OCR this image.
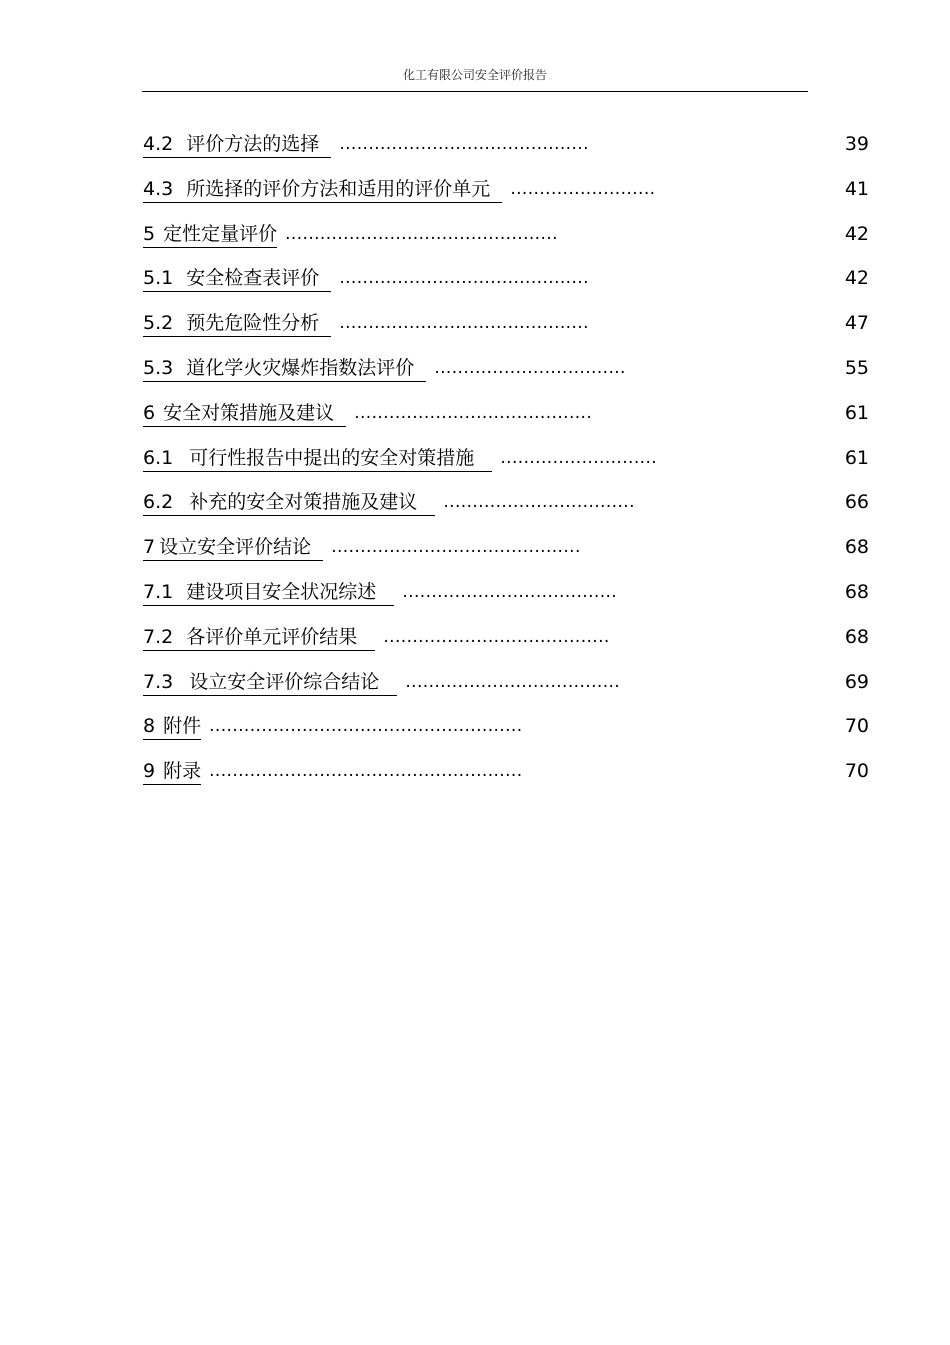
化工有限公司安全评价报告
4.2 评价方法的选择 ...........................................	39
4.3 所选择的评价方法和适用的评价单元 .........................	41
5 定性定量评价 ...............................................	42
5.1 安全检查表评价 ...........................................	42
5.2 预先危险性分析 ...........................................	47
5.3 道化学火灾爆炸指数法评价 .................................	55
6 安全对策措施及建议 .........................................	61
6.1 可行性报告中提出的安全对策措施 ...........................	61
6.2 补充的安全对策措施及建议 .................................	66
7 设立安全评价结论 ...........................................	68
7.1 建设项目安全状况综述 .....................................	68
7.2 各评价单元评价结果 .......................................	68
7.3 设立安全评价综合结论 .....................................	69
8 附件 ......................................................	70
9 附录 ......................................................	70
